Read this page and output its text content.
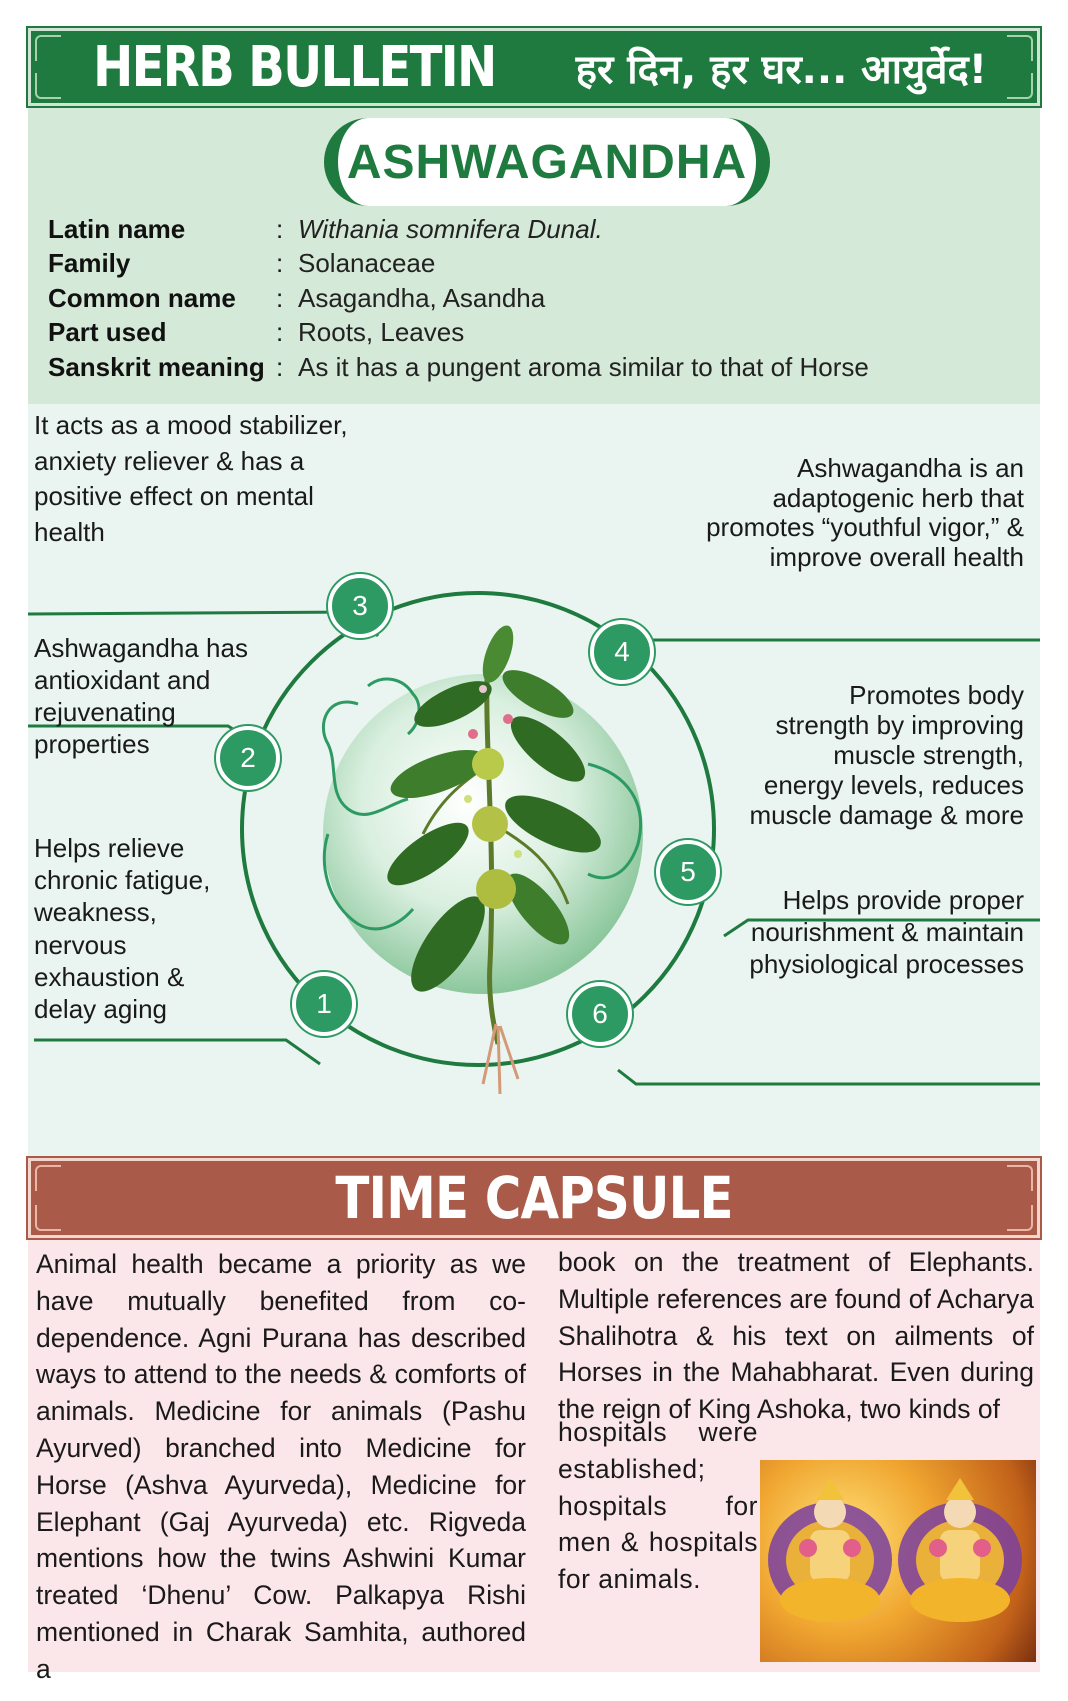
HERB BULLETIN हर दिन, हर घर... आयुर्वेद!
ASHWAGANDHA
Latin name	: Withania somnifera Dunal.
Family	: Solanaceae
Common name	: Asagandha, Asandha
Part used	: Roots, Leaves
Sanskrit meaning : As it has a pungent aroma similar to that of Horse
1
2
3
4
5
6
It acts as a mood stabilizer, anxiety reliever & has a positive effect on mental health
Ashwagandha has antioxidant and rejuvenating properties
Helps relieve chronic fatigue, weakness, nervous exhaustion & delay aging
Ashwagandha is an adaptogenic herb that promotes “youthful vigor,” & improve overall health
Promotes body strength by improving muscle strength, energy levels, reduces muscle damage & more
Helps provide proper nourishment & maintain physiological processes
TIME CAPSULE
Animal health became a priority as we have mutually benefited from co-dependence. Agni Purana has described ways to attend to the needs & comforts of animals. Medicine for animals (Pashu Ayurved) branched into Medicine for Horse (Ashva Ayurveda), Medicine for Elephant (Gaj Ayurveda) etc. Rigveda mentions how the twins Ashwini Kumar treated ‘Dhenu’ Cow. Palkapya Rishi mentioned in Charak Samhita, authored a
book on the treatment of Elephants. Multiple references are found of Acharya Shalihotra & his text on ailments of Horses in the Mahabharat. Even during the reign of King Ashoka, two kinds of
hospitals were established; hospitals for men & hospitals for animals.
